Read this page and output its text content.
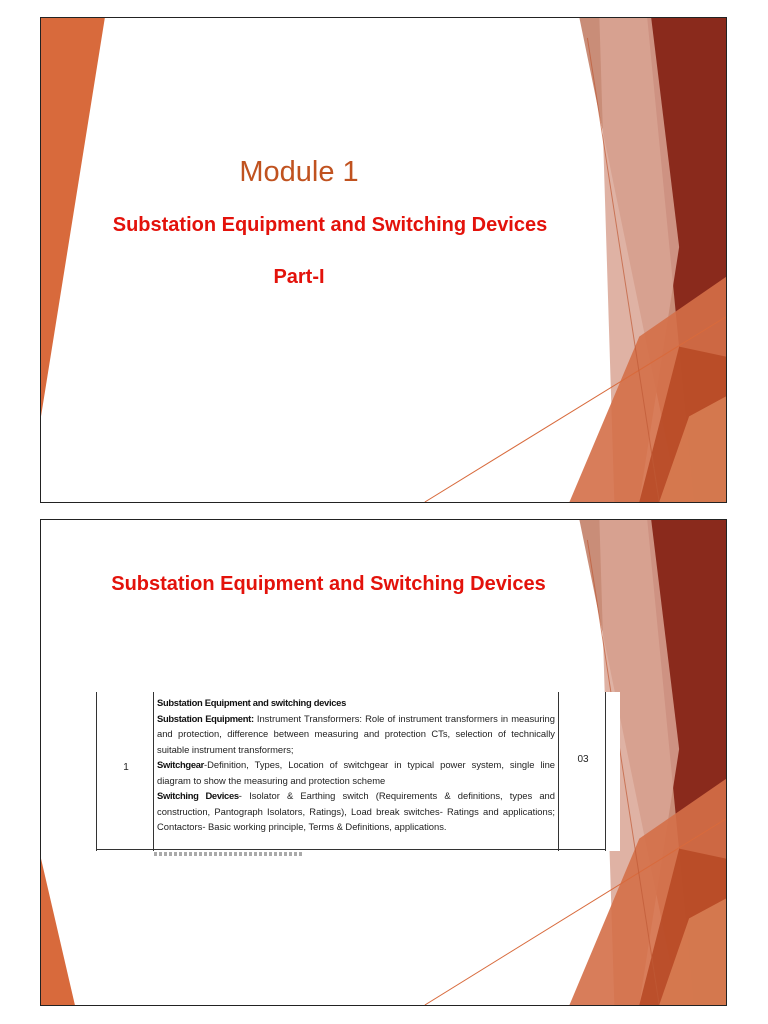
Module 1
Substation Equipment and Switching Devices
Part-I
Substation Equipment and Switching Devices
1
Substation Equipment and switching devices
Substation Equipment: Instrument Transformers: Role of instrument transformers in measuring and protection, difference between measuring and protection CTs, selection of technically suitable instrument transformers;
Switchgear-Definition, Types, Location of switchgear in typical power system, single line diagram to show the measuring and protection scheme
Switching Devices- Isolator & Earthing switch (Requirements & definitions, types and construction, Pantograph Isolators, Ratings), Load break switches- Ratings and applications; Contactors- Basic working principle, Terms & Definitions, applications.
03
